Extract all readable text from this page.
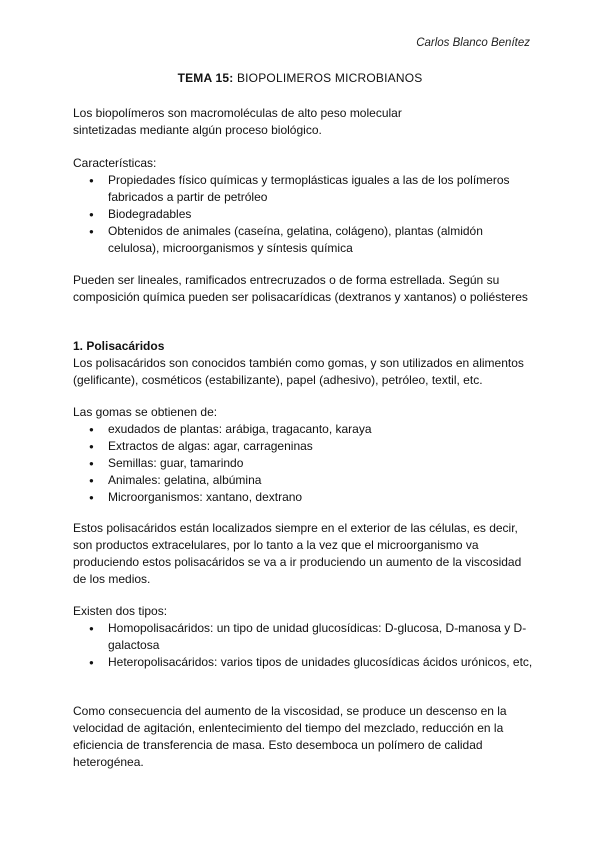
Carlos Blanco Benítez
TEMA 15: BIOPOLIMEROS MICROBIANOS

Los biopolímeros son macromoléculas de alto peso molecular

sintetizadas mediante algún proceso biológico.

Características:

● Propiedades físico químicas y termoplásticas iguales a las de los polímeros fabricados a partir de petróleo
● Biodegradables
● Obtenidos de animales (caseína, gelatina, colágeno), plantas (almidón celulosa), microorganismos y síntesis química

Pueden ser lineales, ramificados entrecruzados o de forma estrellada. Según su composición química pueden ser polisacarídicas (dextranos y xantanos) o poliésteres

1. Polisacáridos

Los polisacáridos son conocidos también como gomas, y son utilizados en alimentos (gelificante), cosméticos (estabilizante), papel (adhesivo), petróleo, textil, etc.

Las gomas se obtienen de:

● exudados de plantas: arábiga, tragacanto, karaya
● Extractos de algas: agar, carrageninas
● Semillas: guar, tamarindo
● Animales: gelatina, albúmina
● Microorganismos: xantano, dextrano

Estos polisacáridos están localizados siempre en el exterior de las células, es decir, son productos extracelulares, por lo tanto a la vez que el microorganismo va produciendo estos polisacáridos se va a ir produciendo un aumento de la viscosidad de los medios.

Existen dos tipos:

● Homopolisacáridos: un tipo de unidad glucosídicas: D-glucosa, D-manosa y D-galactosa
● Heteropolisacáridos: varios tipos de unidades glucosídicas ácidos urónicos, etc,

Como consecuencia del aumento de la viscosidad, se produce un descenso en la velocidad de agitación, enlentecimiento del tiempo del mezclado, reducción en la eficiencia de transferencia de masa. Esto desemboca un polímero de calidad heterogénea.
